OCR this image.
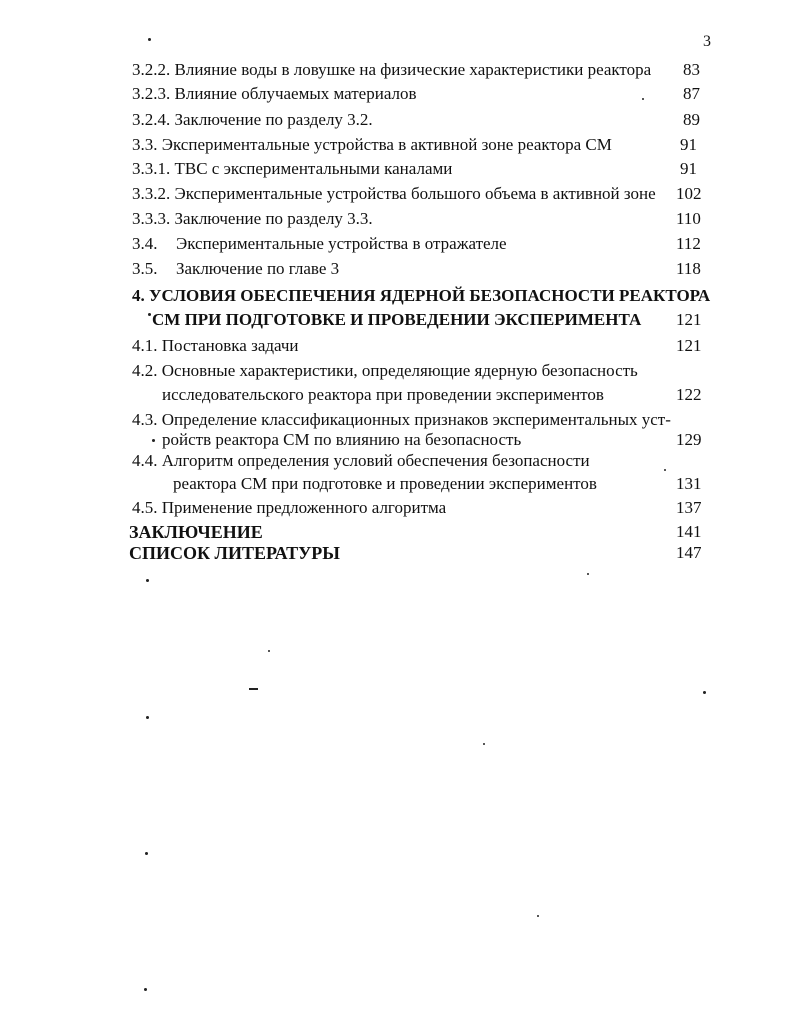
3
3.2.2. Влияние воды в ловушке на физические характеристики реактора 83
3.2.3. Влияние облучаемых материалов	87
3.2.4. Заключение по разделу 3.2.	89
3.3. Экспериментальные устройства в активной зоне реактора СМ	91
3.3.1. ТВС с экспериментальными каналами	91
3.3.2. Экспериментальные устройства большого объема в активной зоне 102
3.3.3. Заключение по разделу 3.3.	110
3.4. Экспериментальные устройства в отражателе	112
3.5. Заключение по главе 3	118
4. УСЛОВИЯ ОБЕСПЕЧЕНИЯ ЯДЕРНОЙ БЕЗОПАСНОСТИ РЕАКТОРА
СМ ПРИ ПОДГОТОВКЕ И ПРОВЕДЕНИИ ЭКСПЕРИМЕНТА 121
4.1. Постановка задачи	121
4.2. Основные характеристики, определяющие ядерную безопасность
исследовательского реактора при проведении экспериментов	122
4.3. Определение классификационных признаков экспериментальных уст-
ройств реактора СМ по влиянию на безопасность	129
4.4. Алгоритм определения условий обеспечения безопасности
реактора СМ при подготовке и проведении экспериментов	131
4.5. Применение предложенного алгоритма	137
ЗАКЛЮЧЕНИЕ	141
СПИСОК ЛИТЕРАТУРЫ	147
